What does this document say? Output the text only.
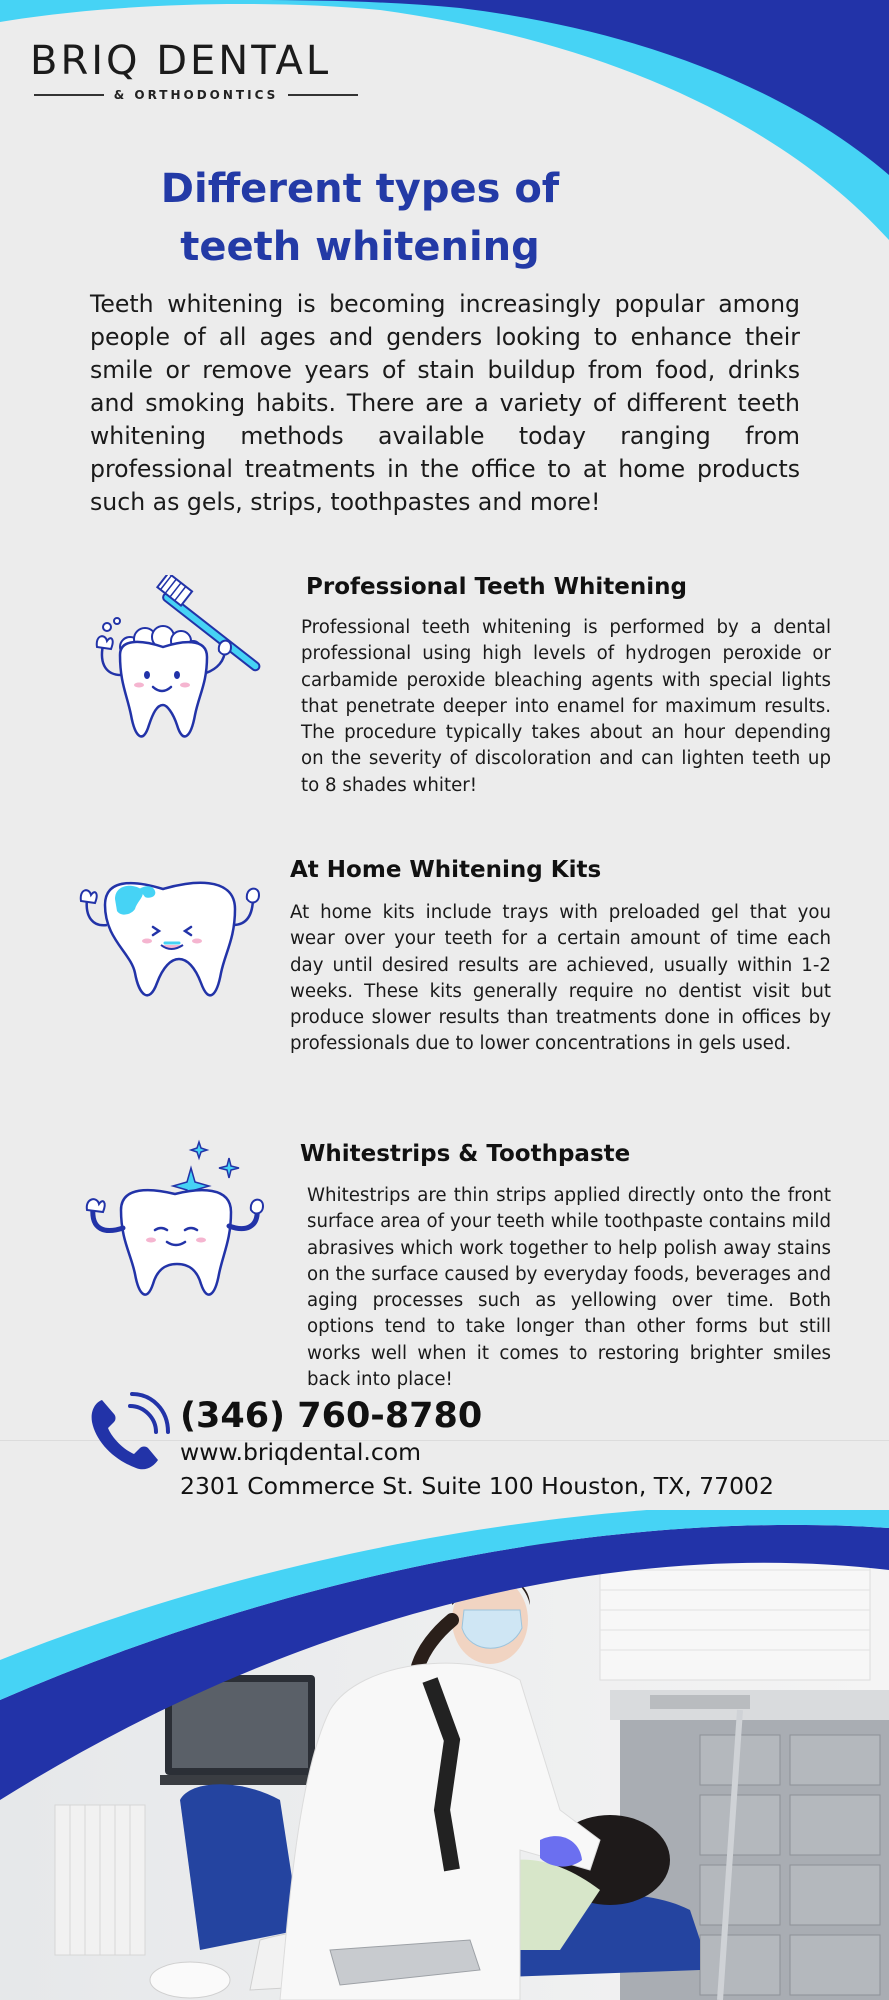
BRIQ DENTAL
& ORTHODONTICS
Different types of
teeth whitening
Teeth whitening is becoming increasingly popular among people of all ages and genders looking to enhance their smile or remove years of stain buildup from food, drinks and smoking habits. There are a variety of different teeth whitening methods available today ranging from professional treatments in the office to at home products such as gels, strips, toothpastes and more!
Professional Teeth Whitening
Professional teeth whitening is performed by a dental professional using high levels of hydrogen peroxide or carbamide peroxide bleaching agents with special lights that penetrate deeper into enamel for maximum results. The procedure typically takes about an hour depending on the severity of discoloration and can lighten teeth up to 8 shades whiter!
At Home Whitening Kits
At home kits include trays with preloaded gel that you wear over your teeth for a certain amount of time each day until desired results are achieved, usually within 1-2 weeks. These kits generally require no dentist visit but produce slower results than treatments done in offices by professionals due to lower concentrations in gels used.
Whitestrips & Toothpaste
Whitestrips are thin strips applied directly onto the front surface area of your teeth while toothpaste contains mild abrasives which work together to help polish away stains on the surface caused by everyday foods, beverages and aging processes such as yellowing over time. Both options tend to take longer than other forms but still works well when it comes to restoring brighter smiles back into place!
(346) 760-8780
www.briqdental.com
2301 Commerce St. Suite 100 Houston, TX, 77002
